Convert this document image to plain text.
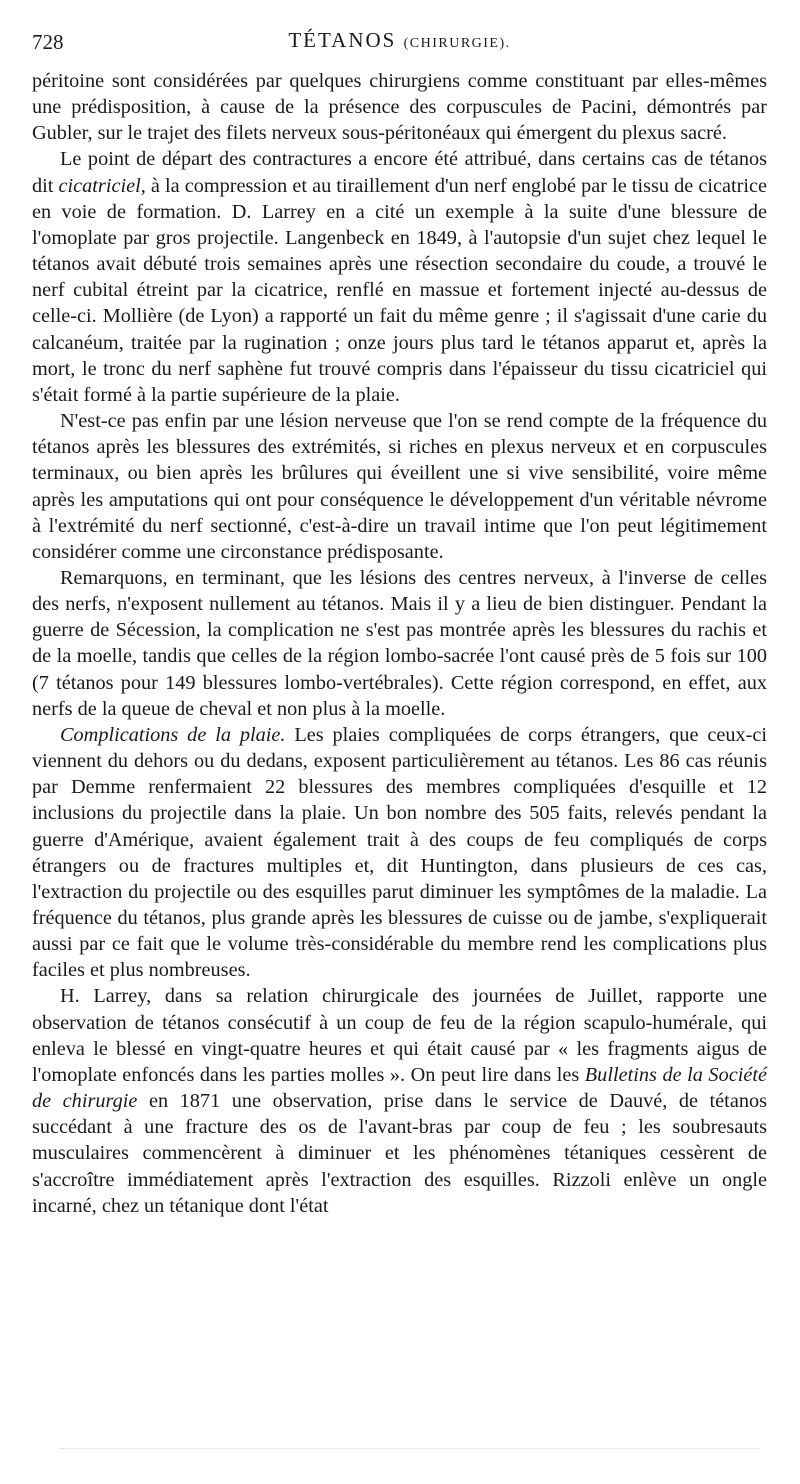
728	TÉTANOS (CHIRURGIE).

péritoine sont considérées par quelques chirurgiens comme constituant par elles-mêmes une prédisposition, à cause de la présence des corpuscules de Pacini, démontrés par Gubler, sur le trajet des filets nerveux sous-péritonéaux qui émergent du plexus sacré.

Le point de départ des contractures a encore été attribué, dans certains cas de tétanos dit cicatriciel, à la compression et au tiraillement d'un nerf englobé par le tissu de cicatrice en voie de formation. D. Larrey en a cité un exemple à la suite d'une blessure de l'omoplate par gros projectile. Langenbeck en 1849, à l'autopsie d'un sujet chez lequel le tétanos avait débuté trois semaines après une résection secondaire du coude, a trouvé le nerf cubital étreint par la cicatrice, renflé en massue et fortement injecté au-dessus de celle-ci. Mollière (de Lyon) a rapporté un fait du même genre ; il s'agissait d'une carie du calcanéum, traitée par la rugination ; onze jours plus tard le tétanos apparut et, après la mort, le tronc du nerf saphène fut trouvé compris dans l'épaisseur du tissu cicatriciel qui s'était formé à la partie supérieure de la plaie.

N'est-ce pas enfin par une lésion nerveuse que l'on se rend compte de la fréquence du tétanos après les blessures des extrémités, si riches en plexus nerveux et en corpuscules terminaux, ou bien après les brûlures qui éveillent une si vive sensibilité, voire même après les amputations qui ont pour conséquence le développement d'un véritable névrome à l'extrémité du nerf sectionné, c'est-à-dire un travail intime que l'on peut légitimement considérer comme une circonstance prédisposante.

Remarquons, en terminant, que les lésions des centres nerveux, à l'inverse de celles des nerfs, n'exposent nullement au tétanos. Mais il y a lieu de bien distinguer. Pendant la guerre de Sécession, la complication ne s'est pas montrée après les blessures du rachis et de la moelle, tandis que celles de la région lombo-sacrée l'ont causé près de 5 fois sur 100 (7 tétanos pour 149 blessures lombo-vertébrales). Cette région correspond, en effet, aux nerfs de la queue de cheval et non plus à la moelle.

Complications de la plaie. Les plaies compliquées de corps étrangers, que ceux-ci viennent du dehors ou du dedans, exposent particulièrement au tétanos. Les 86 cas réunis par Demme renfermaient 22 blessures des membres compliquées d'esquille et 12 inclusions du projectile dans la plaie. Un bon nombre des 505 faits, relevés pendant la guerre d'Amérique, avaient également trait à des coups de feu compliqués de corps étrangers ou de fractures multiples et, dit Huntington, dans plusieurs de ces cas, l'extraction du projectile ou des esquilles parut diminuer les symptômes de la maladie. La fréquence du tétanos, plus grande après les blessures de cuisse ou de jambe, s'expliquerait aussi par ce fait que le volume très-considérable du membre rend les complications plus faciles et plus nombreuses.

H. Larrey, dans sa relation chirurgicale des journées de Juillet, rapporte une observation de tétanos consécutif à un coup de feu de la région scapulo-humérale, qui enleva le blessé en vingt-quatre heures et qui était causé par « les fragments aigus de l'omoplate enfoncés dans les parties molles ». On peut lire dans les Bulletins de la Société de chirurgie en 1871 une observation, prise dans le service de Dauvé, de tétanos succédant à une fracture des os de l'avant-bras par coup de feu ; les soubresauts musculaires commencèrent à diminuer et les phénomènes tétaniques cessèrent de s'accroître immédiatement après l'extraction des esquilles. Rizzoli enlève un ongle incarné, chez un tétanique dont l'état
